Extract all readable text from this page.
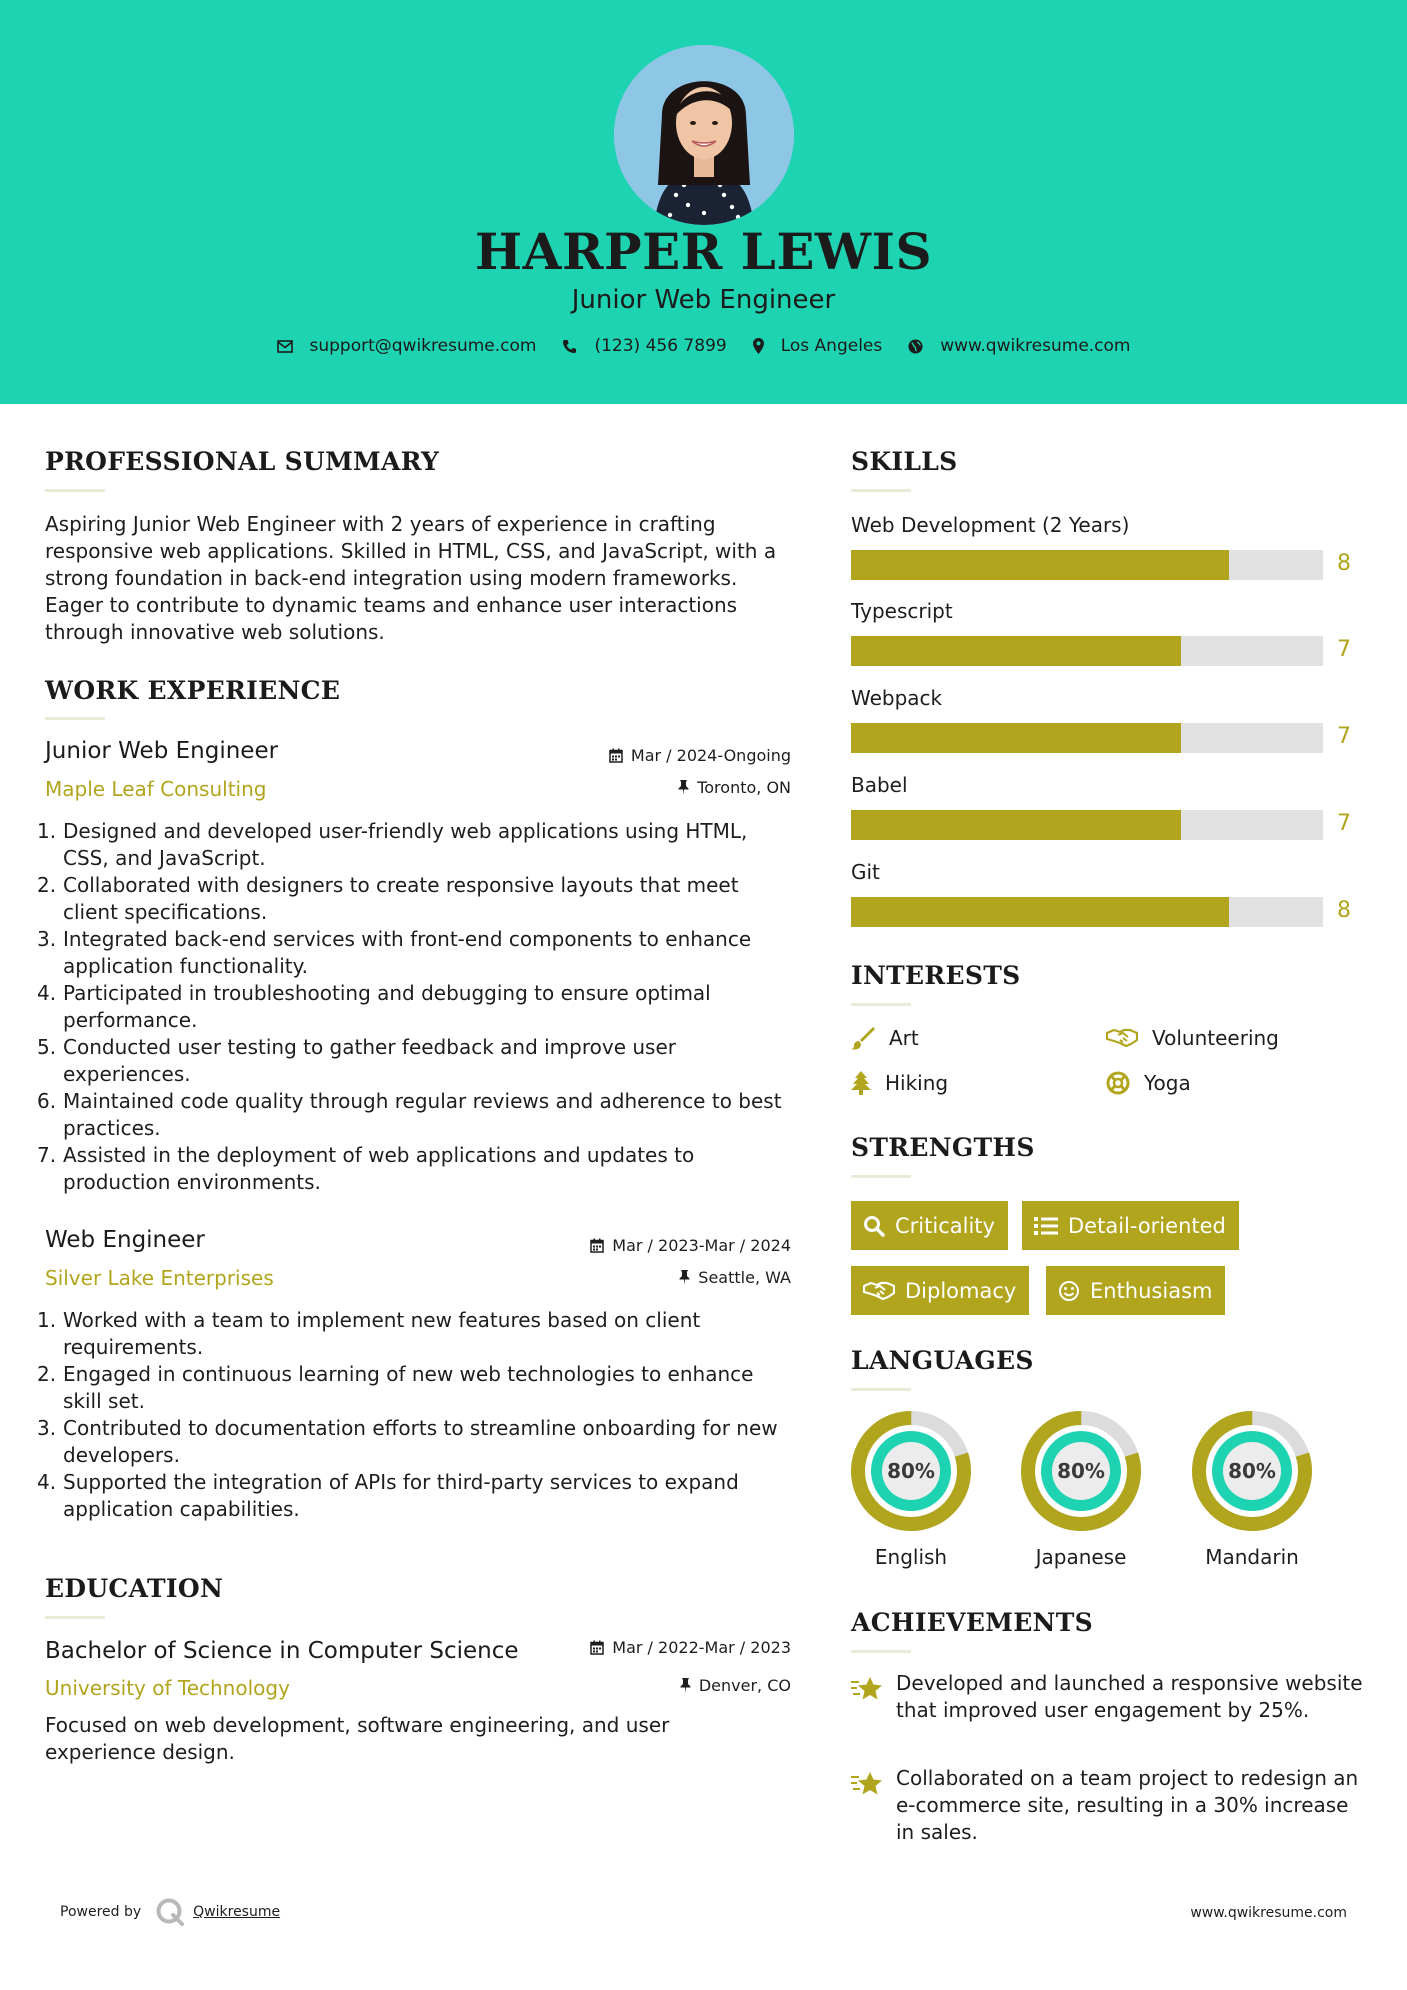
HARPER LEWIS
Junior Web Engineer
support@qwikresume.com	(123) 456 7899	Los Angeles	www.qwikresume.com
PROFESSIONAL SUMMARY
Aspiring Junior Web Engineer with 2 years of experience in crafting responsive web applications. Skilled in HTML, CSS, and JavaScript, with a strong foundation in back-end integration using modern frameworks. Eager to contribute to dynamic teams and enhance user interactions through innovative web solutions.
WORK EXPERIENCE
Junior Web Engineer	Mar / 2024-Ongoing
Maple Leaf Consulting	Toronto, ON
1. Designed and developed user-friendly web applications using HTML, CSS, and JavaScript.
2. Collaborated with designers to create responsive layouts that meet client specifications.
3. Integrated back-end services with front-end components to enhance application functionality.
4. Participated in troubleshooting and debugging to ensure optimal performance.
5. Conducted user testing to gather feedback and improve user experiences.
6. Maintained code quality through regular reviews and adherence to best practices.
7. Assisted in the deployment of web applications and updates to production environments.
Web Engineer	Mar / 2023-Mar / 2024
Silver Lake Enterprises	Seattle, WA
1. Worked with a team to implement new features based on client requirements.
2. Engaged in continuous learning of new web technologies to enhance skill set.
3. Contributed to documentation efforts to streamline onboarding for new developers.
4. Supported the integration of APIs for third-party services to expand application capabilities.
EDUCATION
Bachelor of Science in Computer Science	Mar / 2022-Mar / 2023
University of Technology	Denver, CO
Focused on web development, software engineering, and user experience design.
SKILLS
Web Development (2 Years)
8
Typescript
7
Webpack
7
Babel
7
Git
8
INTERESTS
Art	Volunteering
Hiking	Yoga
STRENGTHS
Criticality	Detail-oriented
Diplomacy	Enthusiasm
LANGUAGES
80%
English
80%
Japanese
80%
Mandarin
ACHIEVEMENTS
Developed and launched a responsive website that improved user engagement by 25%.
Collaborated on a team project to redesign an e-commerce site, resulting in a 30% increase in sales.
Powered by	Qwikresume	www.qwikresume.com
